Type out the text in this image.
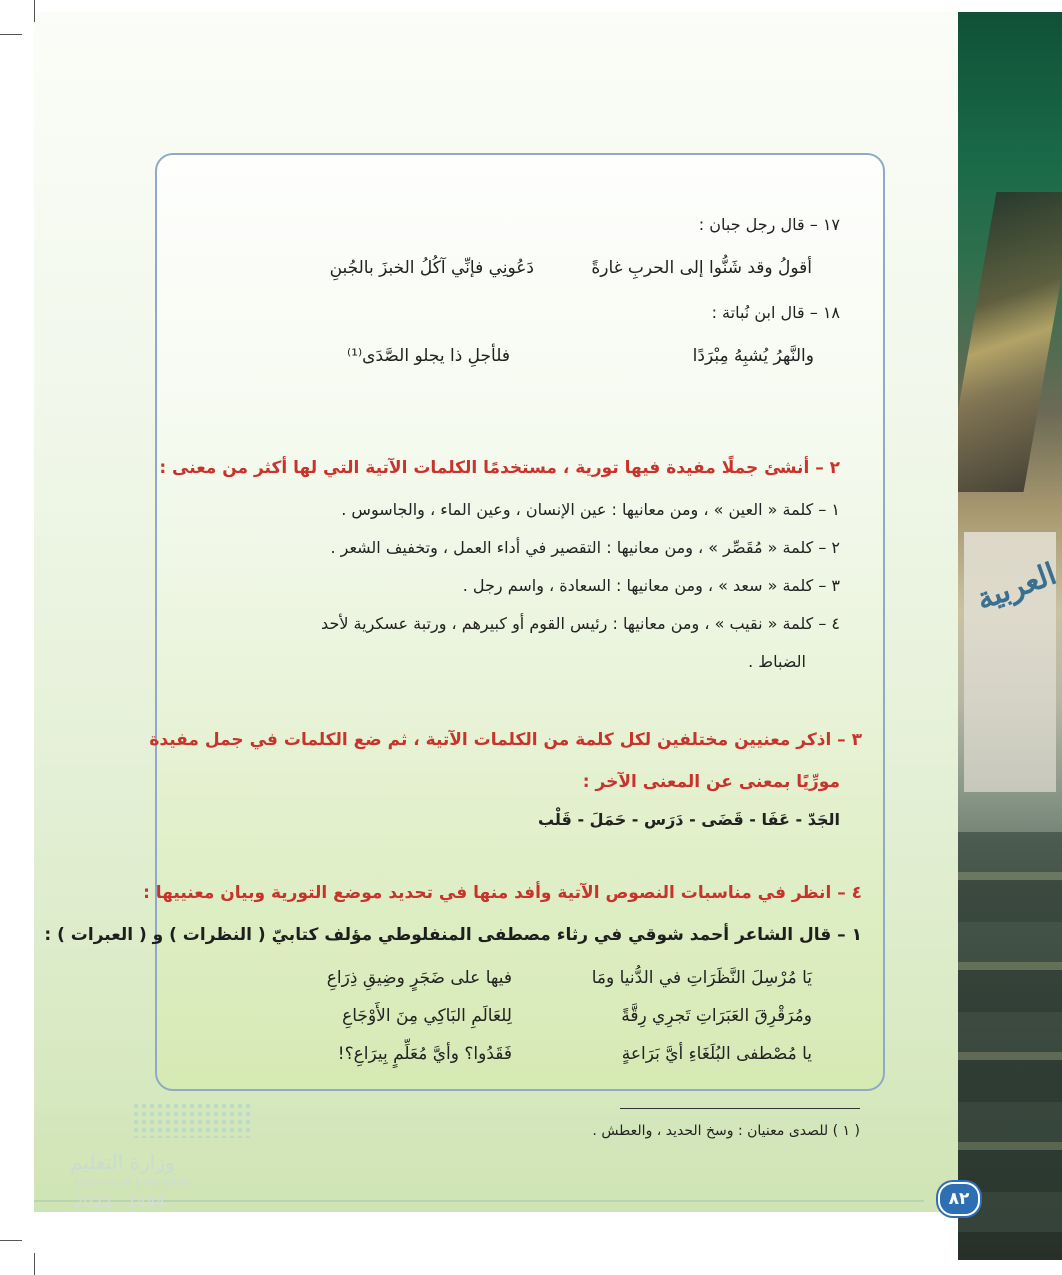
العربية
١٧ – قال رجل جبان :
أقولُ وقد شَنُّوا إلى الحربِ غارةً
دَعُونِي فإنِّي آكُلُ الخبزَ بالجُبنِ
١٨ – قال ابن نُباتة :
والنَّهرُ يُشبِهُ مِبْرَدًا
فلأجلِ ذا يجلو الصَّدَى⁽¹⁾
٢ – أنشئ جملًا مفيدة فيها تورية ، مستخدمًا الكلمات الآتية التي لها أكثر من معنى :
١ – كلمة « العين » ، ومن معانيها : عين الإنسان ، وعين الماء ، والجاسوس .
٢ – كلمة « مُقَصِّر » ، ومن معانيها : التقصير في أداء العمل ، وتخفيف الشعر .
٣ – كلمة « سعد » ، ومن معانيها : السعادة ، واسم رجل .
٤ – كلمة « نقيب » ، ومن معانيها : رئيس القوم أو كبيرهم ، ورتبة عسكرية لأحد
الضباط .
٣ – اذكر معنيين مختلفين لكل كلمة من الكلمات الآتية ، ثم ضع الكلمات في جمل مفيدة
مورِّيًا بمعنى عن المعنى الآخر :
الجَدّ - عَفَا - قَضَى - دَرَس - حَمَلَ - قَلْب
٤ – انظر في مناسبات النصوص الآتية وأفد منها في تحديد موضع التورية وبيان معنييها :
١ – قال الشاعر أحمد شوقي في رثاء مصطفى المنفلوطي مؤلف كتابيّ ( النظرات ) و ( العبرات ) :
يَا مُرْسِلَ النَّظَرَاتِ في الدُّنيا ومَا
فيها على ضَجَرٍ وضِيقِ ذِرَاعِ
ومُرَقْرِقَ العَبَرَاتِ تَجرِي رِقَّةً
لِلعَالَمِ البَاكِي مِنَ الأَوْجَاعِ
يا مُصْطفى البُلَغَاءِ أيَّ بَرَاعةٍ
فَقَدُوا؟ وأيَّ مُعَلِّمٍ بِيرَاعِ؟!
( ١ ) للصدى معنيان : وسخ الحديد ، والعطش .
٨٢
وزارة التعليم
Ministry of Education
2022 - 1444
